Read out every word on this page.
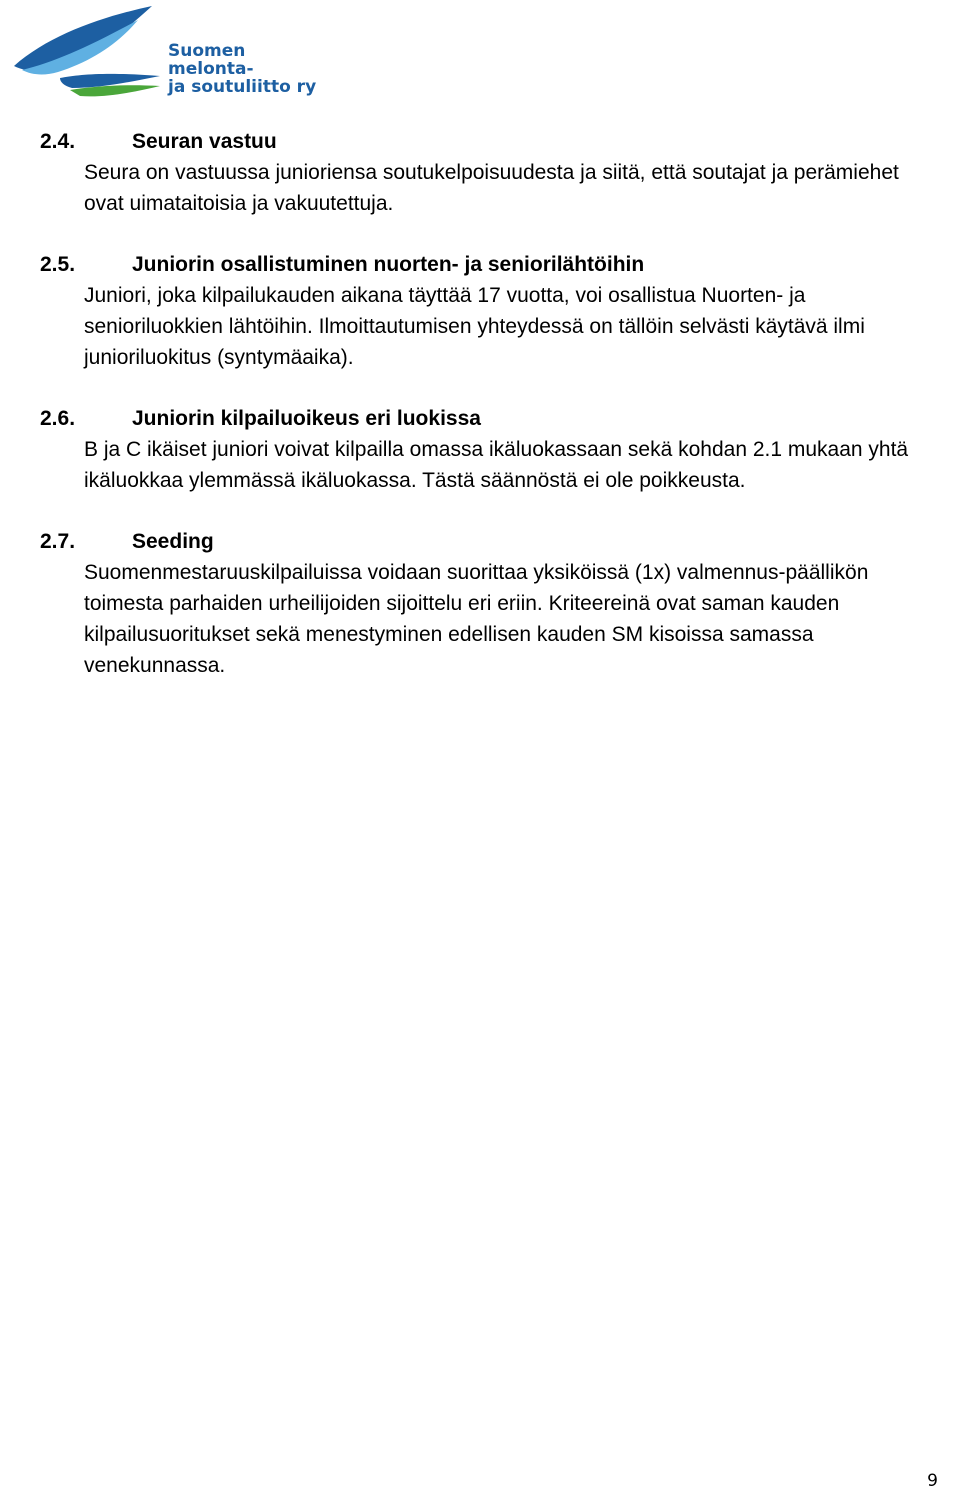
Suomen
melonta-
ja soutuliitto ry
2.4.	Seuran vastuu
Seura on vastuussa junioriensa soutukelpoisuudesta ja siitä, että soutajat ja perämiehet ovat uimataitoisia ja vakuutettuja.
2.5.	Juniorin osallistuminen nuorten- ja seniorilähtöihin
Juniori, joka kilpailukauden aikana täyttää 17 vuotta, voi osallistua Nuorten- ja senioriluokkien lähtöihin. Ilmoittautumisen yhteydessä on tällöin selvästi käytävä ilmi junioriluokitus (syntymäaika).
2.6.	Juniorin kilpailuoikeus eri luokissa
B ja C ikäiset juniori voivat kilpailla omassa ikäluokassaan sekä kohdan 2.1 mukaan yhtä ikäluokkaa ylemmässä ikäluokassa. Tästä säännöstä ei ole poikkeusta.
2.7.	Seeding
Suomenmestaruuskilpailuissa voidaan suorittaa yksiköissä (1x) valmennus-päällikön toimesta parhaiden urheilijoiden sijoittelu eri eriin. Kriteereinä ovat saman kauden kilpailusuoritukset sekä menestyminen edellisen kauden SM kisoissa samassa venekunnassa.
9
